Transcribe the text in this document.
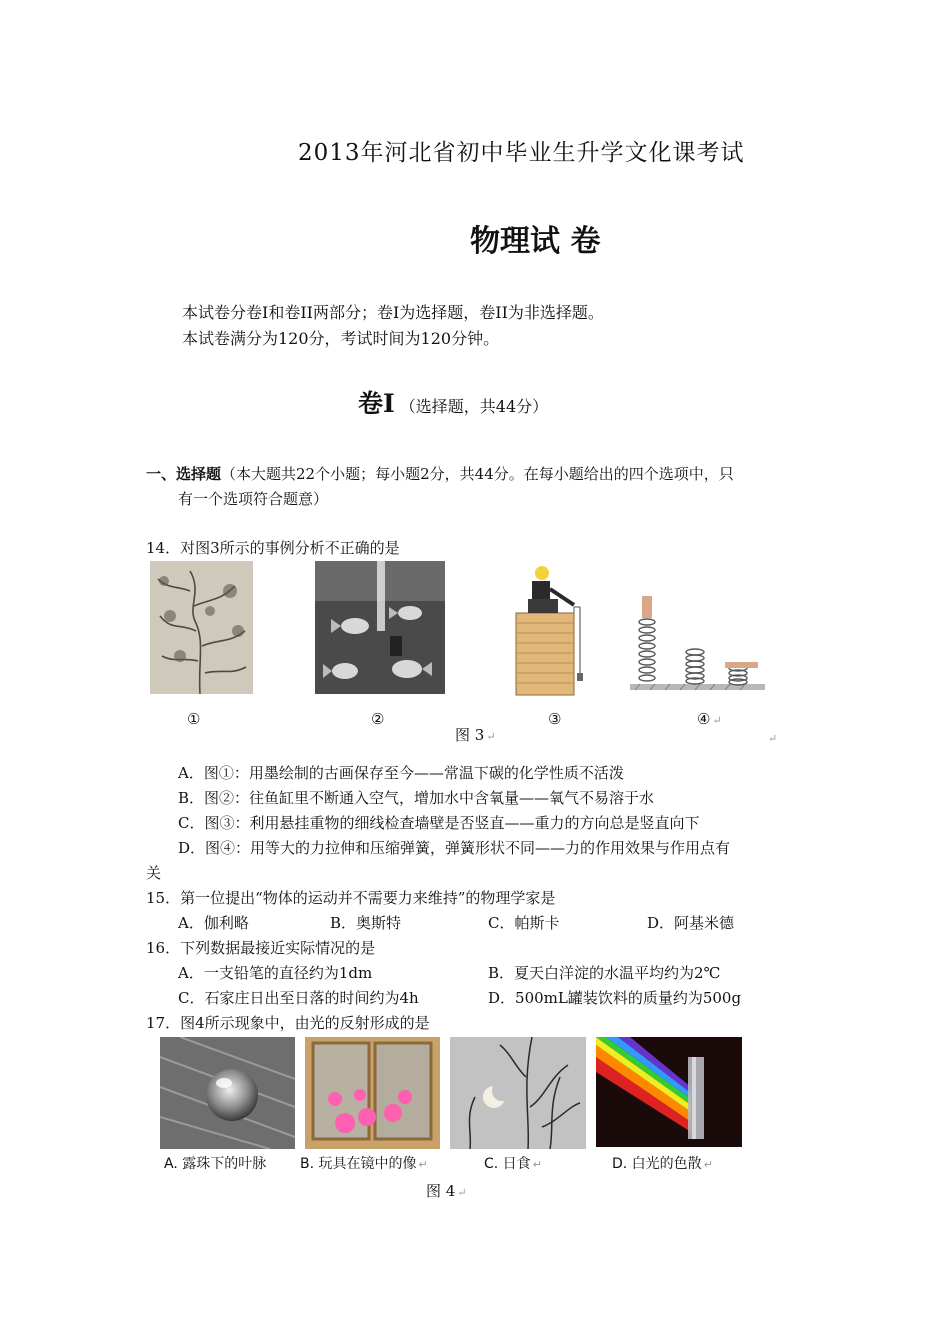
2013年河北省初中毕业生升学文化课考试
物理试 卷
本试卷分卷I和卷II两部分；卷I为选择题，卷II为非选择题。
本试卷满分为120分，考试时间为120分钟。
卷I （选择题，共44分）
一、选择题（本大题共22个小题；每小题2分，共44分。在每小题给出的四个选项中，只
有一个选项符合题意）
14．对图3所示的事例分析不正确的是
①	②	③	④ ↵
图 3 ↵	↵
A．图①：用墨绘制的古画保存至今——常温下碳的化学性质不活泼
B．图②：往鱼缸里不断通入空气，增加水中含氧量——氧气不易溶于水
C．图③：利用悬挂重物的细线检查墙壁是否竖直——重力的方向总是竖直向下
D．图④：用等大的力拉伸和压缩弹簧，弹簧形状不同——力的作用效果与作用点有
关
15．第一位提出“物体的运动并不需要力来维持”的物理学家是
A．伽利略	B．奥斯特	C．帕斯卡	D．阿基米德
16．下列数据最接近实际情况的是
A．一支铅笔的直径约为1dm	B．夏天白洋淀的水温平均约为2℃
C．石家庄日出至日落的时间约为4h	D．500mL罐装饮料的质量约为500g
17．图4所示现象中，由光的反射形成的是
A. 露珠下的叶脉 B. 玩具在镜中的像 ↵	C. 日食 ↵	D. 白光的色散 ↵
图 4 ↵
